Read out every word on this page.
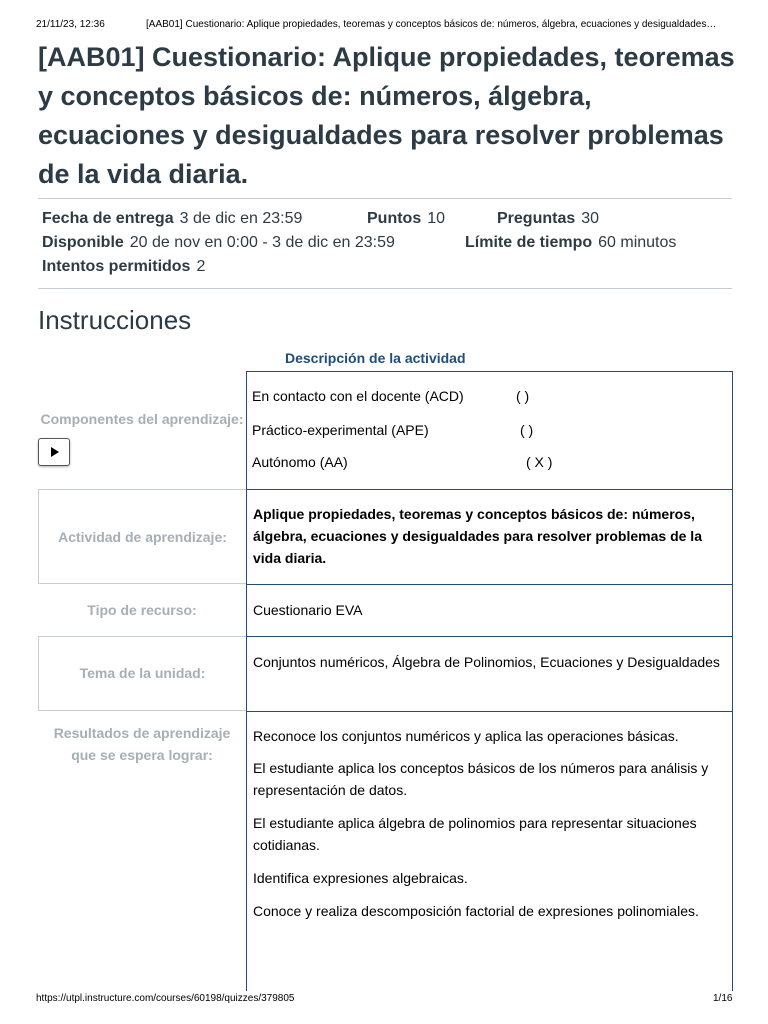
21/11/23, 12:36	[AAB01] Cuestionario: Aplique propiedades, teoremas y conceptos básicos de: números, álgebra, ecuaciones y desigualdades…
[AAB01] Cuestionario: Aplique propiedades, teoremas y conceptos básicos de: números, álgebra, ecuaciones y desigualdades para resolver problemas de la vida diaria.
Fecha de entrega 3 de dic en 23:59	Puntos 10	Preguntas 30
Disponible 20 de nov en 0:00 - 3 de dic en 23:59	Límite de tiempo 60 minutos
Intentos permitidos 2
Instrucciones
Descripción de la actividad
Componentes del aprendizaje:
En contacto con el docente (ACD)	( )
Práctico-experimental (APE)	( )
Autónomo (AA)	( X )
Actividad de aprendizaje:

Aplique propiedades, teoremas y conceptos básicos de: números, álgebra, ecuaciones y desigualdades para resolver problemas de la vida diaria.

Tipo de recurso:	Cuestionario EVA

Tema de la unidad:

Conjuntos numéricos, Álgebra de Polinomios, Ecuaciones y Desigualdades

Resultados de aprendizaje que se espera lograr:

Reconoce los conjuntos numéricos y aplica las operaciones básicas.

El estudiante aplica los conceptos básicos de los números para análisis y representación de datos.

El estudiante aplica álgebra de polinomios para representar situaciones cotidianas.

Identifica expresiones algebraicas.

Conoce y realiza descomposición factorial de expresiones polinomiales.

https://utpl.instructure.com/courses/60198/quizzes/379805	1/16
